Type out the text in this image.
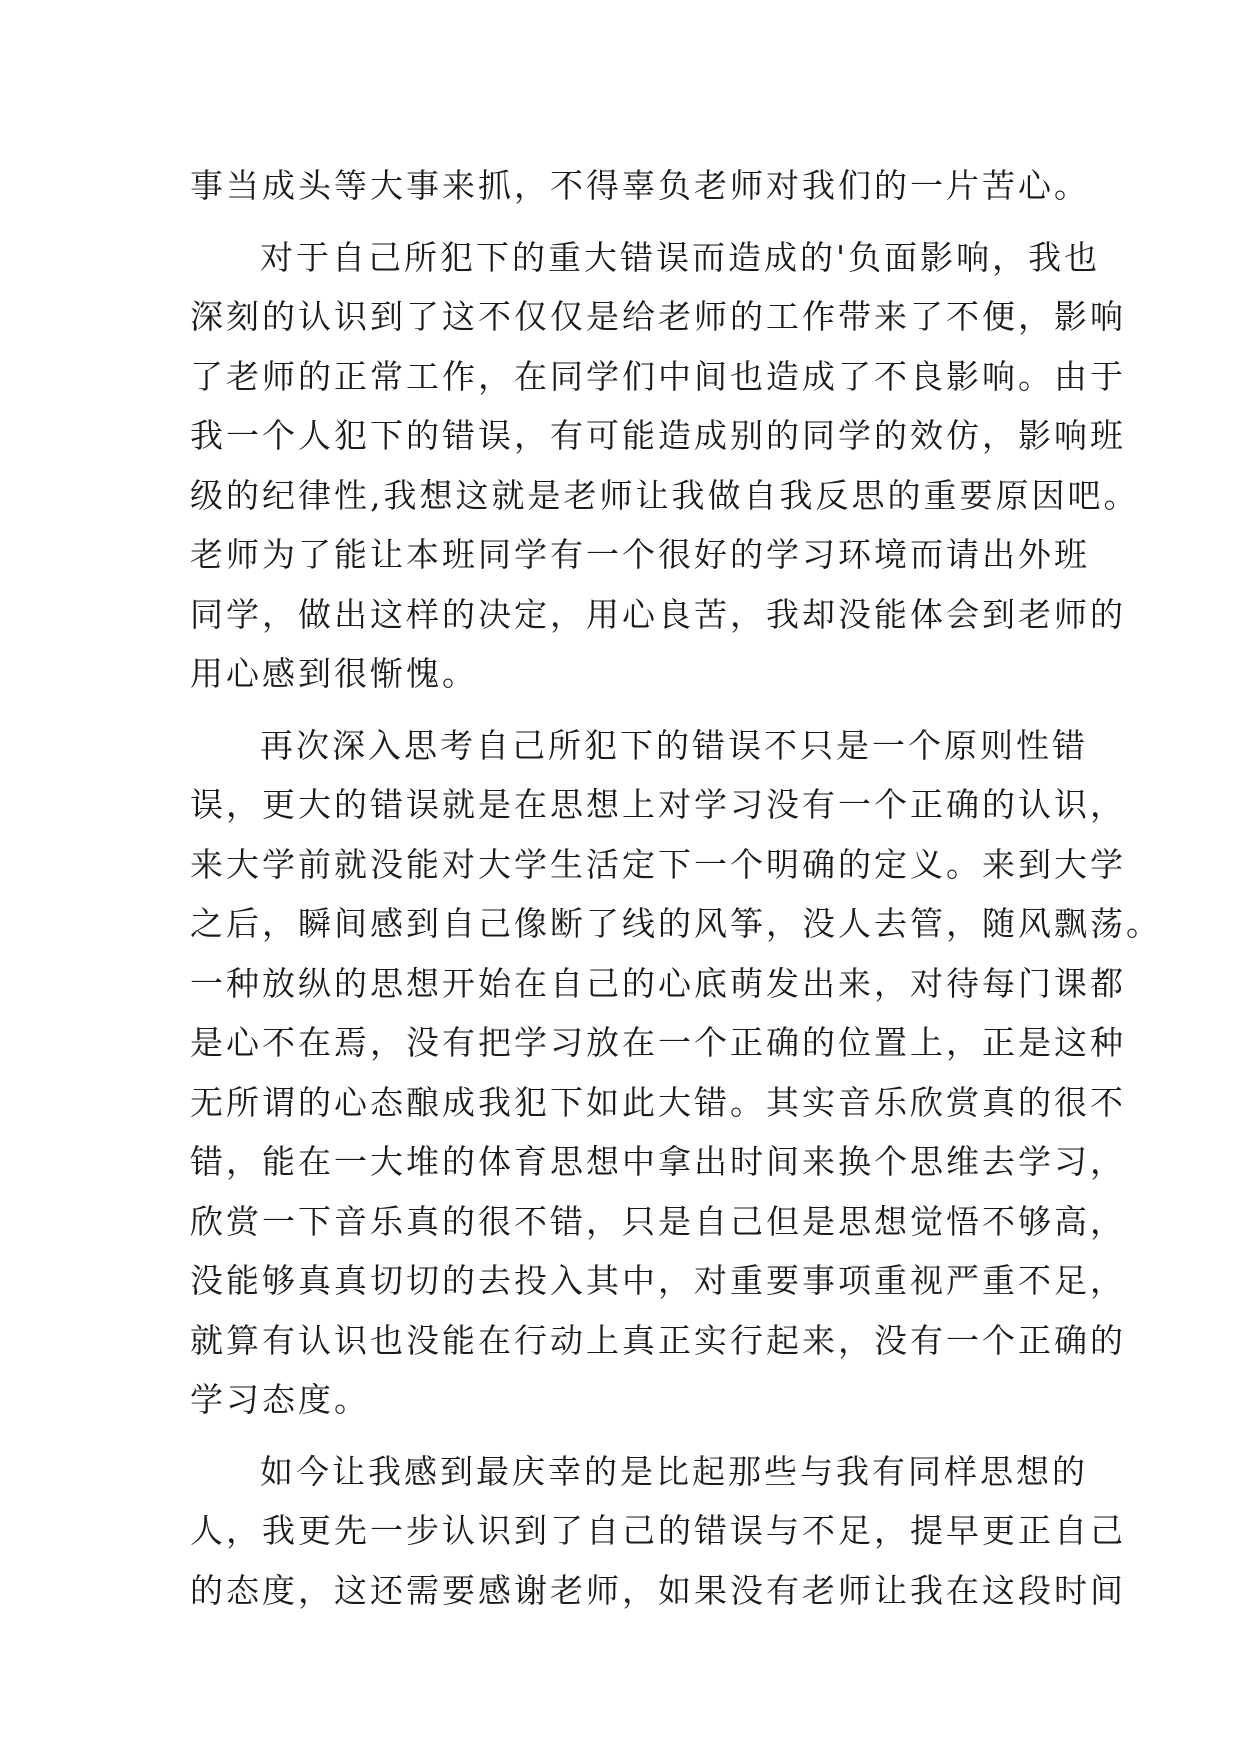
事当成头等大事来抓，不得辜负老师对我们的一片苦心。
对于自己所犯下的重大错误而造成的'负面影响，我也
深刻的认识到了这不仅仅是给老师的工作带来了不便，影响
了老师的正常工作，在同学们中间也造成了不良影响。由于
我一个人犯下的错误，有可能造成别的同学的效仿，影响班
级的纪律性,我想这就是老师让我做自我反思的重要原因吧。
老师为了能让本班同学有一个很好的学习环境而请出外班
同学，做出这样的决定，用心良苦，我却没能体会到老师的
用心感到很惭愧。
再次深入思考自己所犯下的错误不只是一个原则性错
误，更大的错误就是在思想上对学习没有一个正确的认识，
来大学前就没能对大学生活定下一个明确的定义。来到大学
之后，瞬间感到自己像断了线的风筝，没人去管，随风飘荡。
一种放纵的思想开始在自己的心底萌发出来，对待每门课都
是心不在焉，没有把学习放在一个正确的位置上，正是这种
无所谓的心态酿成我犯下如此大错。其实音乐欣赏真的很不
错，能在一大堆的体育思想中拿出时间来换个思维去学习，
欣赏一下音乐真的很不错，只是自己但是思想觉悟不够高，
没能够真真切切的去投入其中，对重要事项重视严重不足，
就算有认识也没能在行动上真正实行起来，没有一个正确的
学习态度。
如今让我感到最庆幸的是比起那些与我有同样思想的
人，我更先一步认识到了自己的错误与不足，提早更正自己
的态度，这还需要感谢老师，如果没有老师让我在这段时间
